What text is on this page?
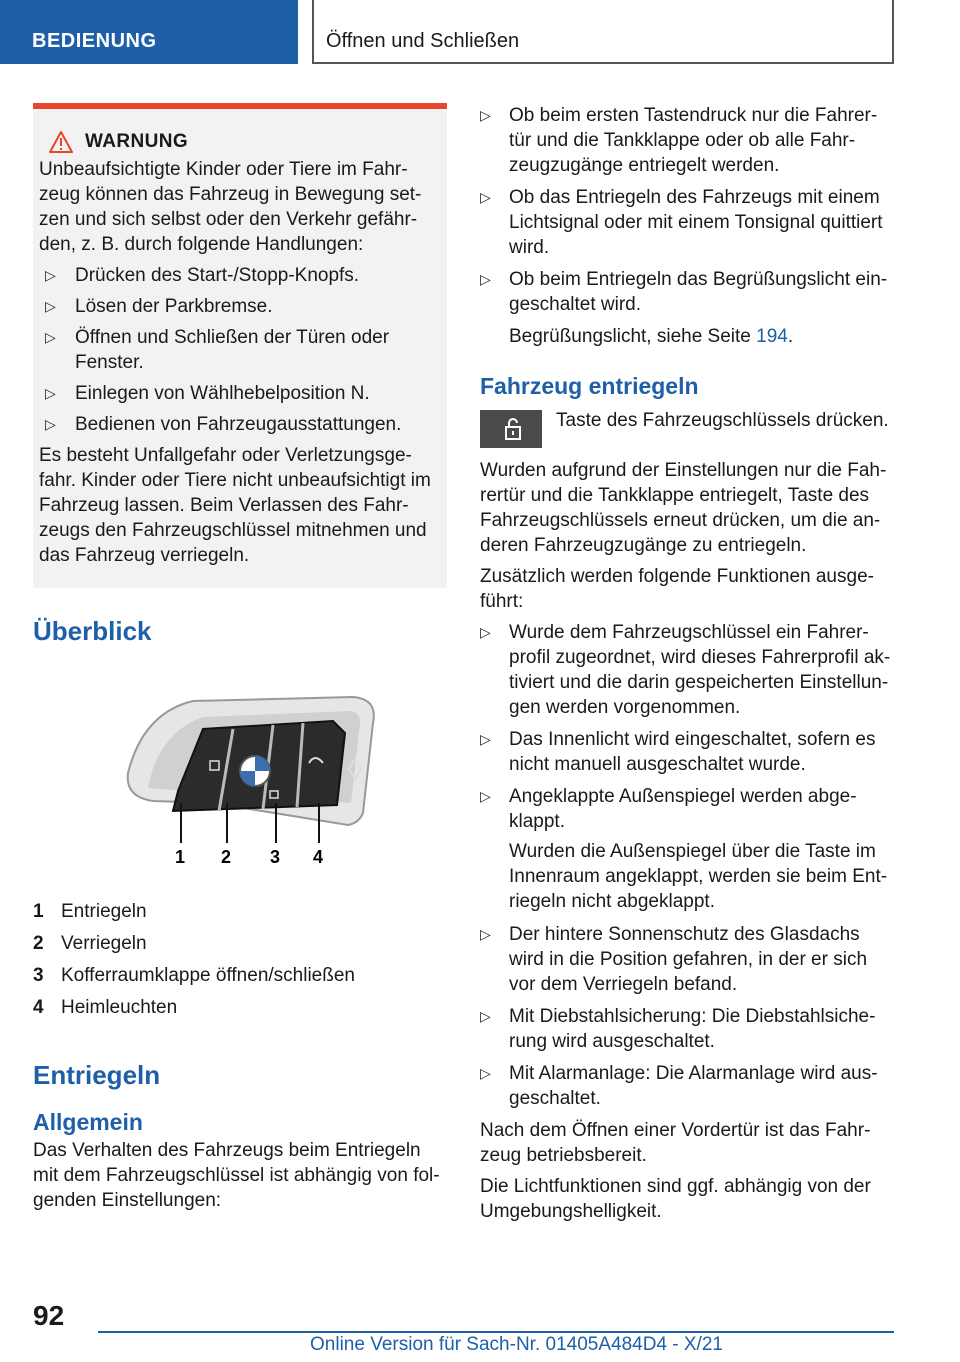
BEDIENUNG	Öffnen und Schließen
WARNUNG

Unbeaufsichtigte Kinder oder Tiere im Fahr-zeug können das Fahrzeug in Bewegung set-zen und sich selbst oder den Verkehr gefähr-den, z. B. durch folgende Handlungen:

▷	Drücken des Start-/Stopp-Knopfs.
▷	Lösen der Parkbremse.
▷	Öffnen und Schließen der Türen oder Fenster.
▷	Einlegen von Wählhebelposition N.
▷	Bedienen von Fahrzeugausstattungen.

Es besteht Unfallgefahr oder Verletzungsge-fahr. Kinder oder Tiere nicht unbeaufsichtigt im Fahrzeug lassen. Beim Verlassen des Fahr-zeugs den Fahrzeugschlüssel mitnehmen und das Fahrzeug verriegeln.

Überblick
1 2 3 4
1 Entriegeln
2 Verriegeln
3 Kofferraumklappe öffnen/schließen
4 Heimleuchten
Entriegeln
Allgemein

Das Verhalten des Fahrzeugs beim Entriegeln mit dem Fahrzeugschlüssel ist abhängig von fol-genden Einstellungen:

▷ Ob beim ersten Tastendruck nur die Fahrer-tür und die Tankklappe oder ob alle Fahr-zeugzugänge entriegelt werden.
▷ Ob das Entriegeln des Fahrzeugs mit einem Lichtsignal oder mit einem Tonsignal quittiert wird.
▷ Ob beim Entriegeln das Begrüßungslicht ein-geschaltet wird.

Begrüßungslicht, siehe Seite 194.

Fahrzeug entriegeln

Taste des Fahrzeugschlüssels drücken.

Wurden aufgrund der Einstellungen nur die Fah-rertür und die Tankklappe entriegelt, Taste des Fahrzeugschlüssels erneut drücken, um die an-deren Fahrzeugzugänge zu entriegeln.

Zusätzlich werden folgende Funktionen ausge-führt:

▷ Wurde dem Fahrzeugschlüssel ein Fahrer-profil zugeordnet, wird dieses Fahrerprofil ak-tiviert und die darin gespeicherten Einstellun-gen werden vorgenommen.
▷ Das Innenlicht wird eingeschaltet, sofern es nicht manuell ausgeschaltet wurde.
▷ Angeklappte Außenspiegel werden abge-klappt.

Wurden die Außenspiegel über die Taste im Innenraum angeklappt, werden sie beim Ent-riegeln nicht abgeklappt.

▷ Der hintere Sonnenschutz des Glasdachs wird in die Position gefahren, in der er sich vor dem Verriegeln befand.
▷ Mit Diebstahlsicherung: Die Diebstahlsiche-rung wird ausgeschaltet.
▷ Mit Alarmanlage: Die Alarmanlage wird aus-geschaltet.

Nach dem Öffnen einer Vordertür ist das Fahr-zeug betriebsbereit.

Die Lichtfunktionen sind ggf. abhängig von der Umgebungshelligkeit.

92
Online Version für Sach-Nr. 01405A484D4 - X/21
